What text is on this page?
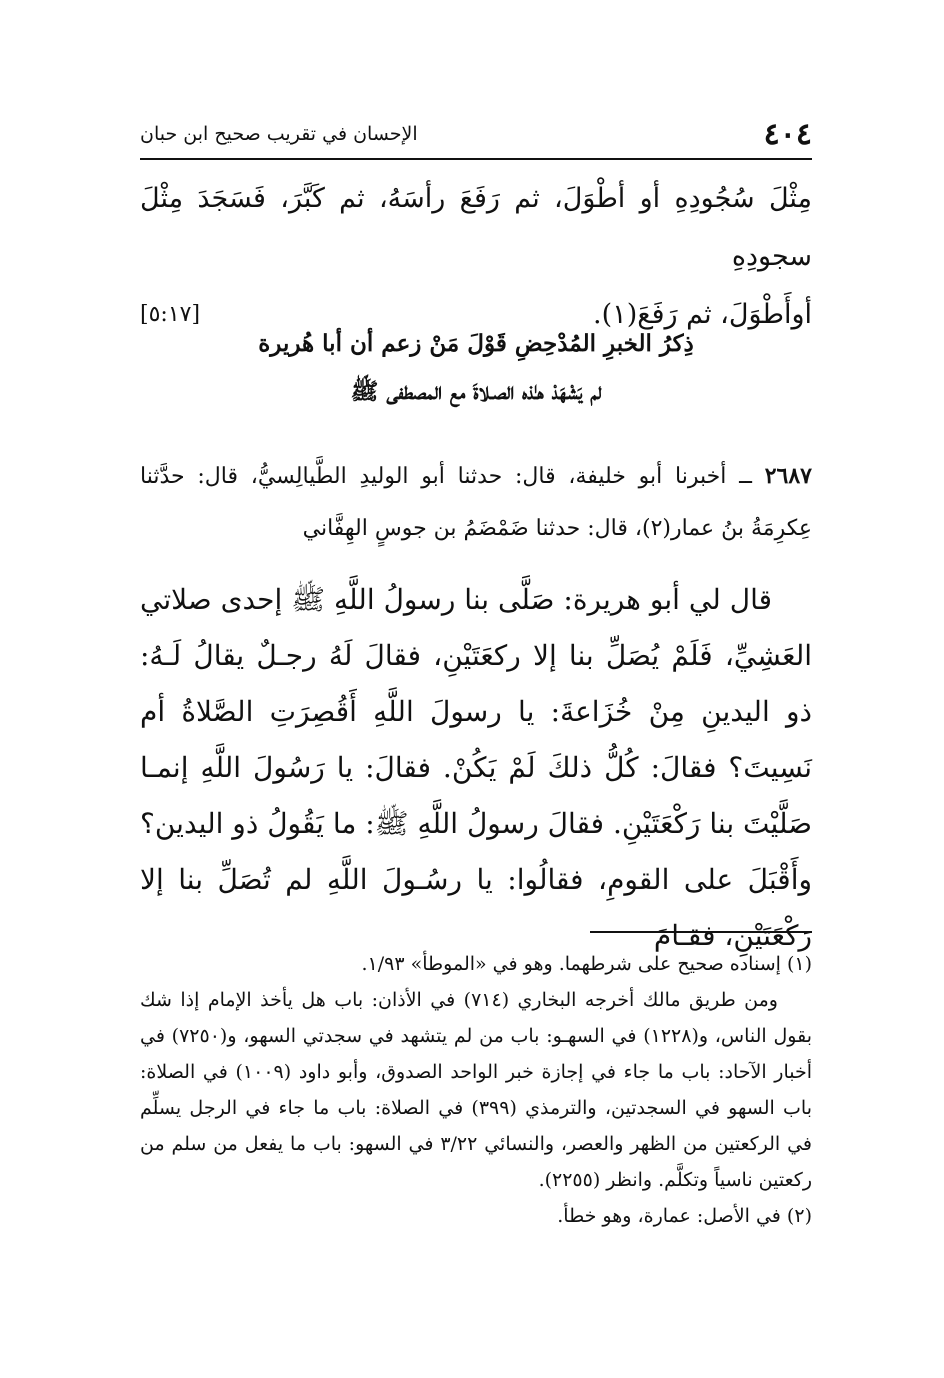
٤٠٤
الإحسان في تقريب صحيح ابن حبان

مِثْلَ سُجُودِهِ أو أطْوَلَ، ثم رَفَعَ رأسَهُ، ثم كَبَّرَ، فَسَجَدَ مِثْلَ سجودِهِ

أوأَطْوَلَ، ثم رَفَعَ(١).
[٥:١٧]

ذِكرُ الخبرِ المُدْحِضِ قَوْلَ مَنْ زعم أن أبا هُريرة

لم يَشْهَدْ هـٰذه الصـلاةَ مع المصطفى ﷺ

٢٦٨٧ ــ أخبرنا أبو خليفة، قال: حدثنا أبو الوليدِ الطَّيالِسيُّ، قال: حدَّثنا عِكرِمَةُ بنُ عمار(٢)، قال: حدثنا ضَمْضَمُ بن جوسٍ الهِفَّاني

قال لي أبو هريرة: صَلَّى بنا رسولُ اللَّهِ ﷺ إحدى صلاتي العَشِيِّ، فَلَمْ يُصَلِّ بنا إلا ركعَتَيْنِ، فقالَ لَهُ رجـلٌ يقالُ لَـهُ: ذو اليدينِ مِنْ خُزَاعةَ: يا رسولَ اللَّهِ أَقُصِرَتِ الصَّلاةُ أم نَسِيتَ؟ فقالَ: كُلُّ ذلكَ لَمْ يَكُنْ. فقالَ: يا رَسُولَ اللَّهِ إنمـا صَلَّيْتَ بنا رَكْعَتَيْنِ. فقالَ رسولُ اللَّهِ ﷺ: ما يَقُولُ ذو اليدين؟ وأَقْبَلَ على القومِ، فقالُوا: يا رسُـولَ اللَّهِ لم تُصَلِّ بنا إلا رَكْعَتَيْنِ، فقـامَ

(١) إسناده صحيح على شرطهما. وهو في «الموطأ» ١/٩٣.

ومن طريق مالك أخرجه البخاري (٧١٤) في الأذان: باب هل يأخذ الإمام إذا شك بقول الناس، و(١٢٢٨) في السهـو: باب من لم يتشهد في سجدتي السهو، و(٧٢٥٠) في أخبار الآحاد: باب ما جاء في إجازة خبر الواحد الصدوق، وأبو داود (١٠٠٩) في الصلاة: باب السهو في السجدتين، والترمذي (٣٩٩) في الصلاة: باب ما جاء في الرجل يسلِّم في الركعتين من الظهر والعصر، والنسائي ٣/٢٢ في السهو: باب ما يفعل من سلم من ركعتين ناسياً وتكلَّم. وانظر (٢٢٥٥).

(٢) في الأصل: عمارة، وهو خطأ.
